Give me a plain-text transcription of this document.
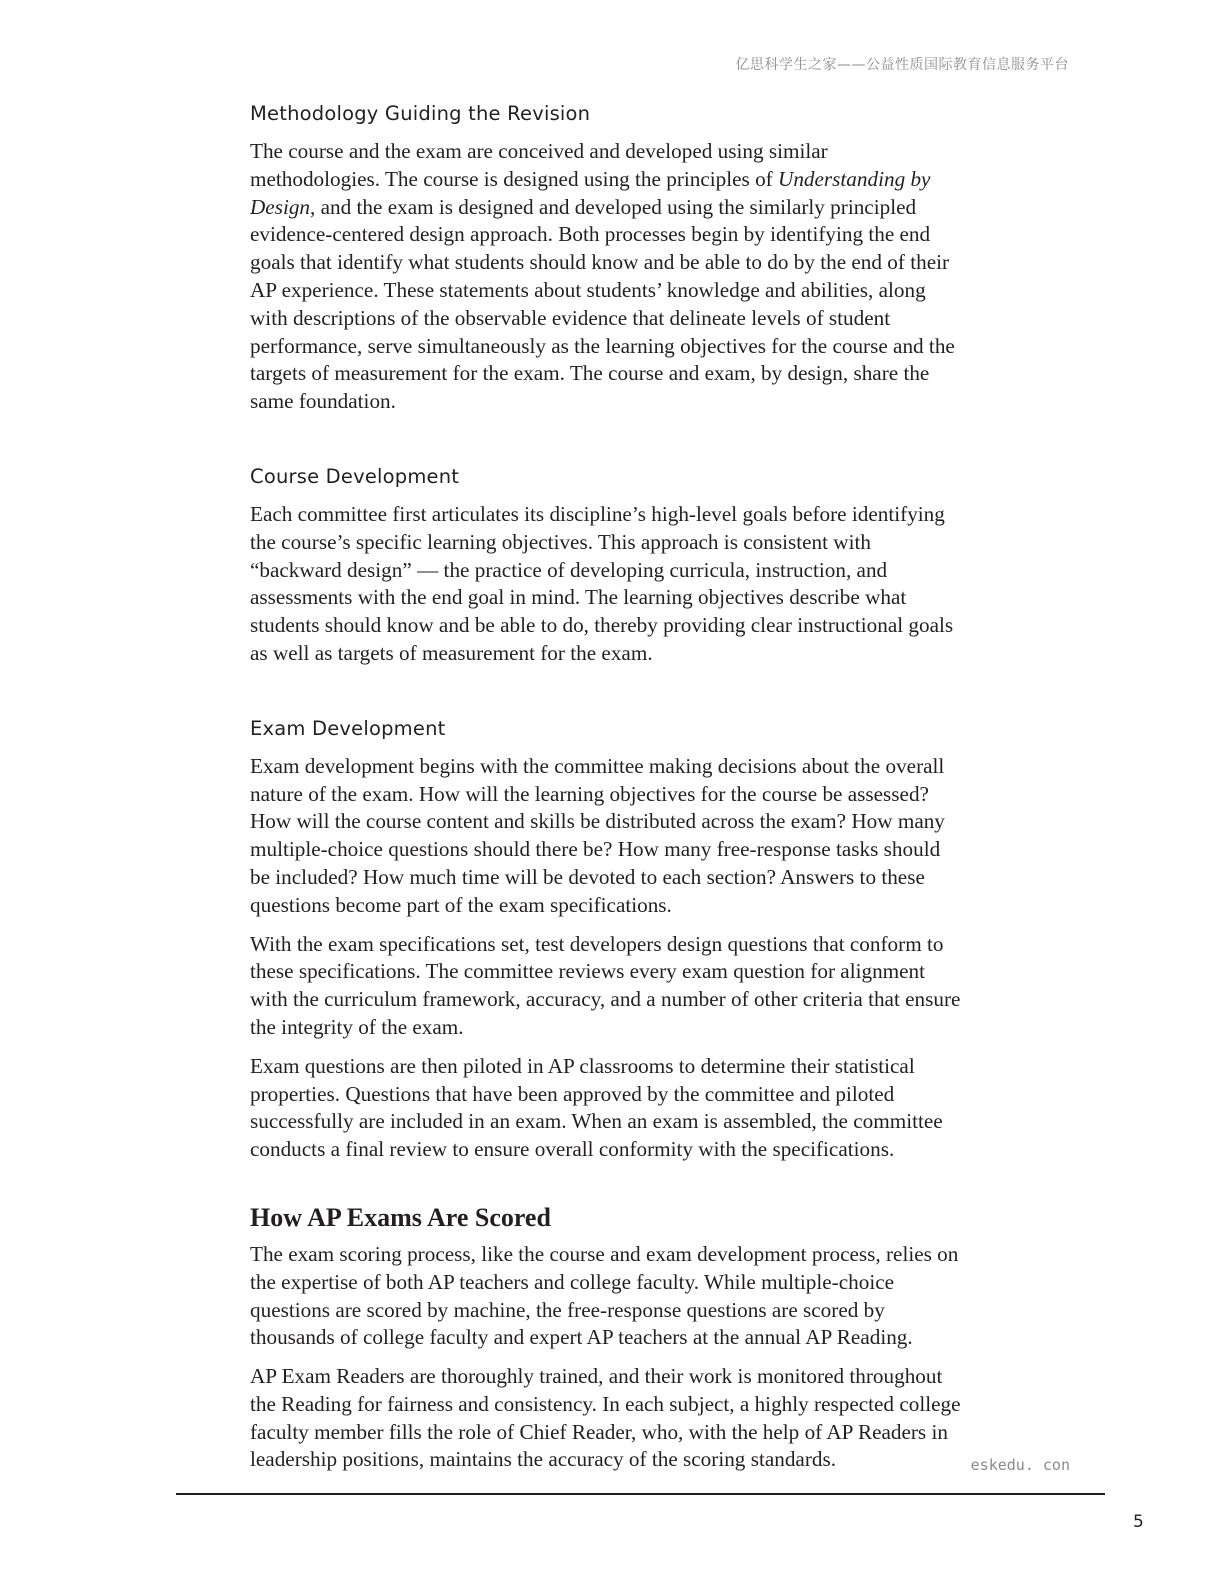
亿思科学生之家——公益性质国际教育信息服务平台
Methodology Guiding the Revision

The course and the exam are conceived and developed using similar methodologies. The course is designed using the principles of Understanding by Design, and the exam is designed and developed using the similarly principled evidence-centered design approach. Both processes begin by identifying the end goals that identify what students should know and be able to do by the end of their AP experience. These statements about students’ knowledge and abilities, along with descriptions of the observable evidence that delineate levels of student performance, serve simultaneously as the learning objectives for the course and the targets of measurement for the exam. The course and exam, by design, share the same foundation.

Course Development

Each committee first articulates its discipline’s high-level goals before identifying the course’s specific learning objectives. This approach is consistent with “backward design” — the practice of developing curricula, instruction, and assessments with the end goal in mind. The learning objectives describe what students should know and be able to do, thereby providing clear instructional goals as well as targets of measurement for the exam.

Exam Development

Exam development begins with the committee making decisions about the overall nature of the exam. How will the learning objectives for the course be assessed? How will the course content and skills be distributed across the exam? How many multiple-choice questions should there be? How many free-response tasks should be included? How much time will be devoted to each section? Answers to these questions become part of the exam specifications.

With the exam specifications set, test developers design questions that conform to these specifications. The committee reviews every exam question for alignment with the curriculum framework, accuracy, and a number of other criteria that ensure the integrity of the exam.

Exam questions are then piloted in AP classrooms to determine their statistical properties. Questions that have been approved by the committee and piloted successfully are included in an exam. When an exam is assembled, the committee conducts a final review to ensure overall conformity with the specifications.

How AP Exams Are Scored

The exam scoring process, like the course and exam development process, relies on the expertise of both AP teachers and college faculty. While multiple-choice questions are scored by machine, the free-response questions are scored by thousands of college faculty and expert AP teachers at the annual AP Reading.

AP Exam Readers are thoroughly trained, and their work is monitored throughout the Reading for fairness and consistency. In each subject, a highly respected college faculty member fills the role of Chief Reader, who, with the help of AP Readers in leadership positions, maintains the accuracy of the scoring standards.	eskedu. con
5
